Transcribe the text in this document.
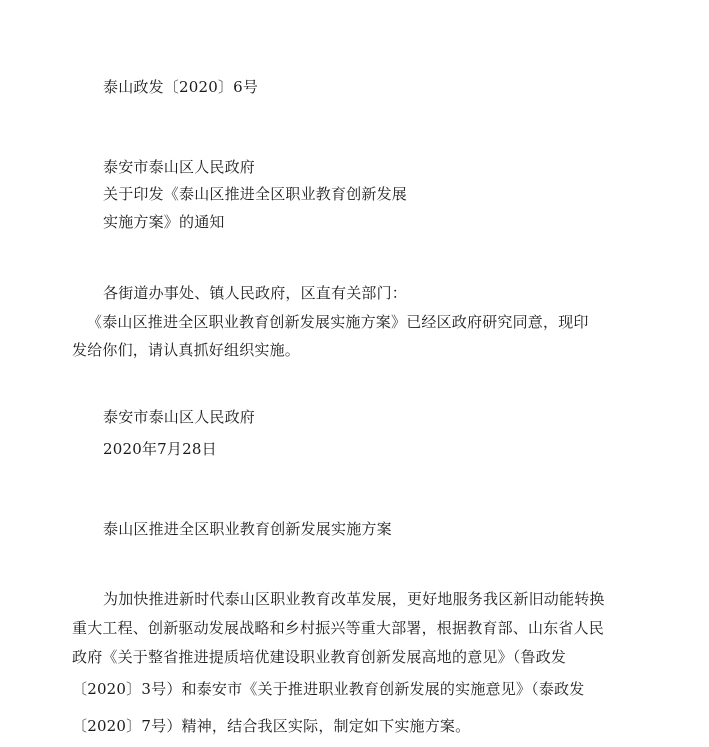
泰山政发〔2020〕6号
泰安市泰山区人民政府
关于印发《泰山区推进全区职业教育创新发展
实施方案》的通知
各街道办事处、镇人民政府，区直有关部门：
《泰山区推进全区职业教育创新发展实施方案》已经区政府研究同意，现印
发给你们，请认真抓好组织实施。
泰安市泰山区人民政府
2020年7月28日
泰山区推进全区职业教育创新发展实施方案
为加快推进新时代泰山区职业教育改革发展，更好地服务我区新旧动能转换
重大工程、创新驱动发展战略和乡村振兴等重大部署，根据教育部、山东省人民
政府《关于整省推进提质培优建设职业教育创新发展高地的意见》（鲁政发
〔2020〕3号）和泰安市《关于推进职业教育创新发展的实施意见》（泰政发
〔2020〕7号）精神，结合我区实际，制定如下实施方案。
